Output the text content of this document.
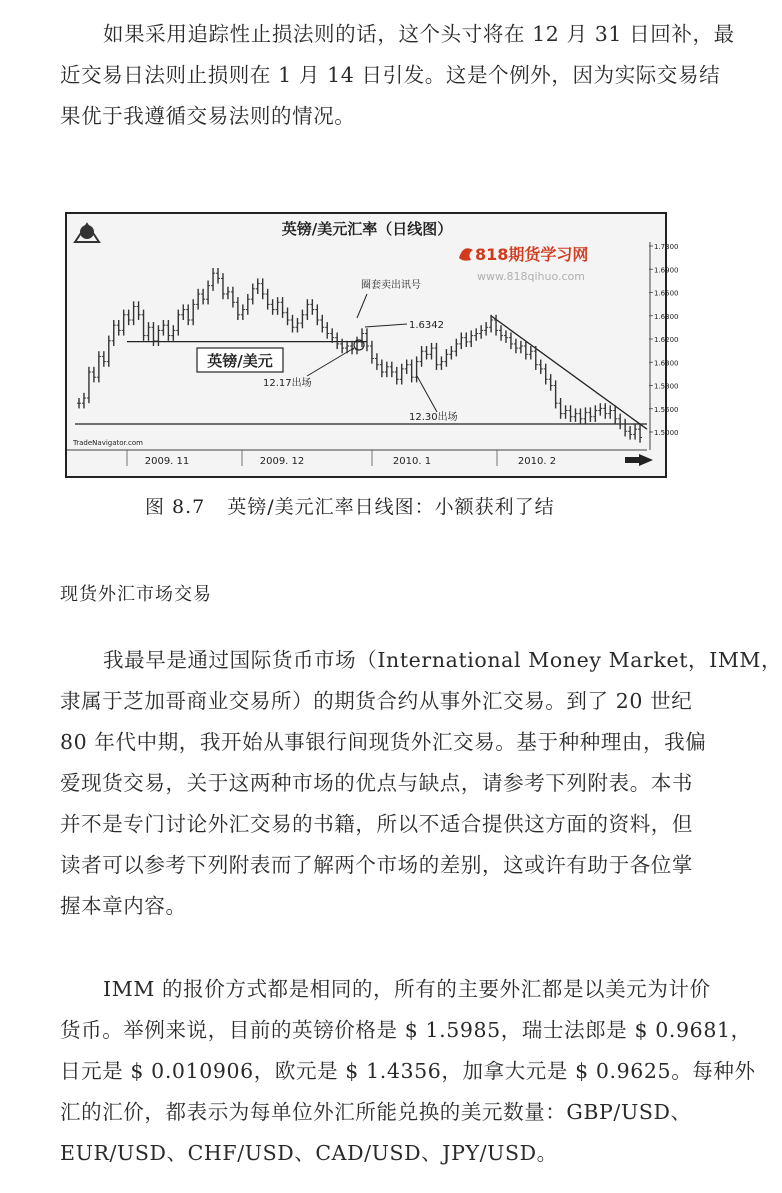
如果采用追踪性止损法则的话，这个头寸将在 12 月 31 日回补，最
近交易日法则止损则在 1 月 14 日引发。这是个例外，因为实际交易结
果优于我遵循交易法则的情况。
英镑/美元汇率（日线图）
818期货学习网
www.818qihuo.com
2009. 11	2009. 12	2010. 1	2010. 2
1.7300
1.6900
1.6500
1.6300
1.6200
1.6300
1.5800
1.5500
1.5000
英镑/美元
圈套卖出讯号
1.6342
12.17出场
12.30出场
TradeNavigator.com
图 8.7 英镑/美元汇率日线图：小额获利了结
现货外汇市场交易
我最早是通过国际货币市场（International Money Market，IMM，
隶属于芝加哥商业交易所）的期货合约从事外汇交易。到了 20 世纪
80 年代中期，我开始从事银行间现货外汇交易。基于种种理由，我偏
爱现货交易，关于这两种市场的优点与缺点，请参考下列附表。本书
并不是专门讨论外汇交易的书籍，所以不适合提供这方面的资料，但
读者可以参考下列附表而了解两个市场的差别，这或许有助于各位掌
握本章内容。
IMM 的报价方式都是相同的，所有的主要外汇都是以美元为计价
货币。举例来说，目前的英镑价格是 $ 1.5985，瑞士法郎是 $ 0.9681，
日元是 $ 0.010906，欧元是 $ 1.4356，加拿大元是 $ 0.9625。每种外
汇的汇价，都表示为每单位外汇所能兑换的美元数量：GBP/USD、
EUR/USD、CHF/USD、CAD/USD、JPY/USD。
